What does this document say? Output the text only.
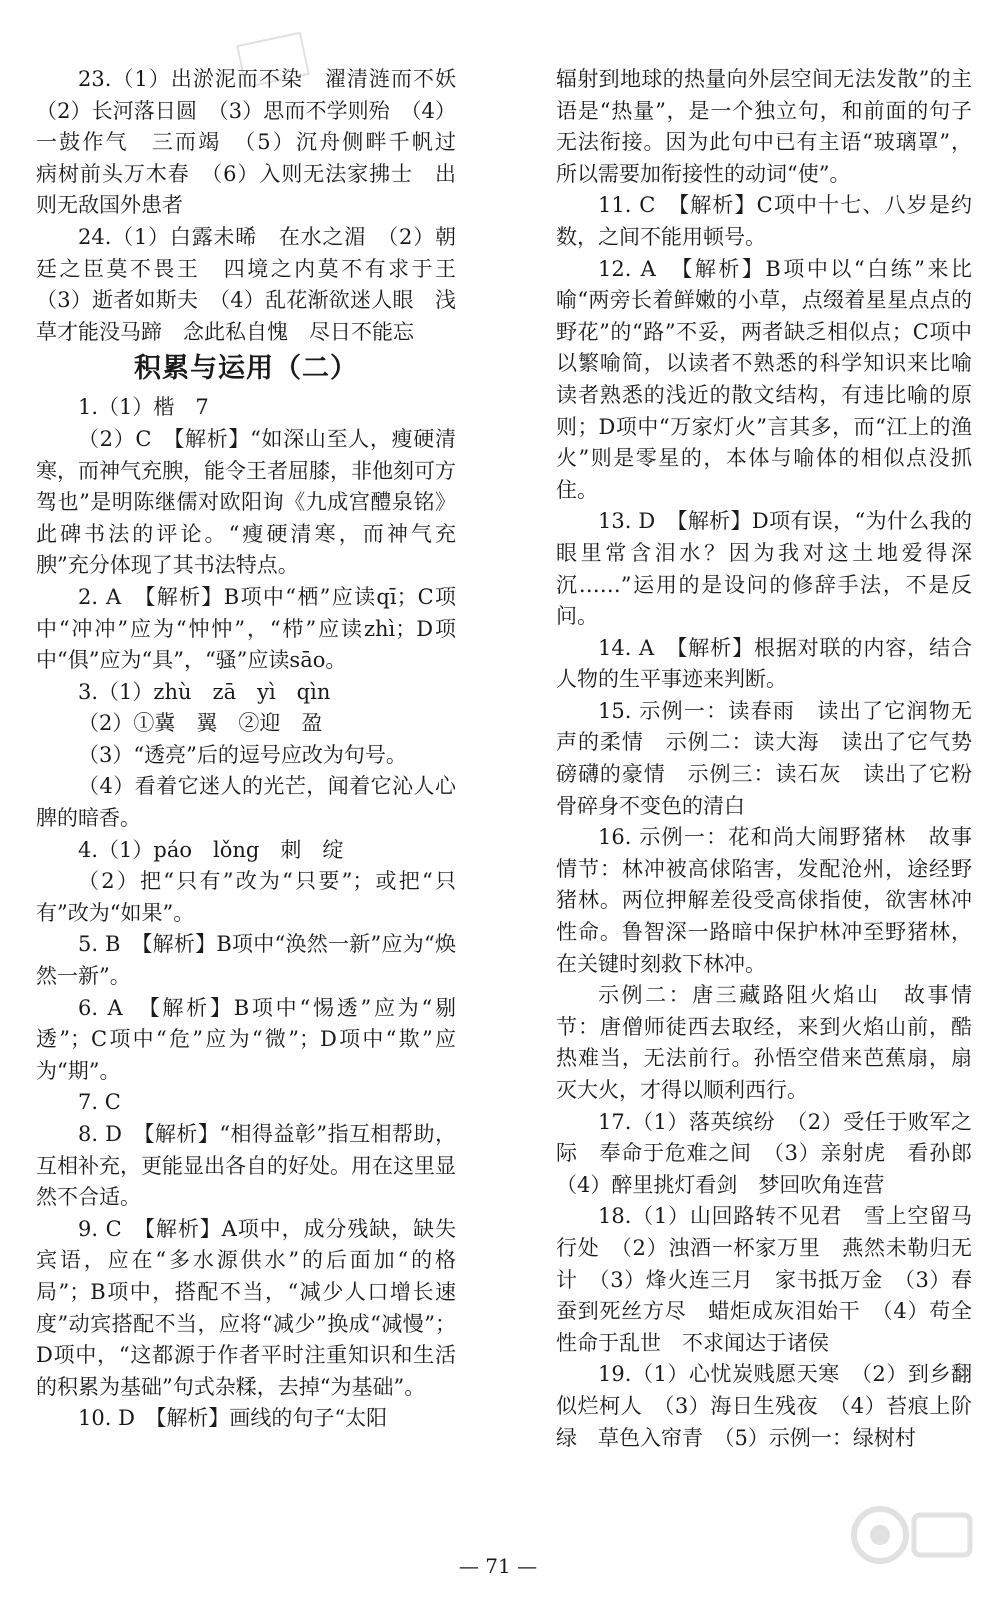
23.（1）出淤泥而不染　濯清涟而不妖　（2）长河落日圆　（3）思而不学则殆　（4）一鼓作气　三而竭　（5）沉舟侧畔千帆过　病树前头万木春　（6）入则无法家拂士　出则无敌国外患者

24.（1）白露未晞　在水之湄　（2）朝廷之臣莫不畏王　四境之内莫不有求于王　（3）逝者如斯夫　（4）乱花渐欲迷人眼　浅草才能没马蹄　念此私自愧　尽日不能忘

积累与运用（二）

1.（1）楷　7

（2）C　【解析】“如深山至人，瘦硬清寒，而神气充腴，能令王者屈膝，非他刻可方驾也”是明陈继儒对欧阳询《九成宫醴泉铭》此碑书法的评论。“瘦硬清寒，而神气充腴”充分体现了其书法特点。

2. A　【解析】B项中“栖”应读qī；C项中“冲冲”应为“忡忡”，“栉”应读zhì；D项中“俱”应为“具”，“骚”应读sāo。

3.（1）zhù　zā　yì　qìn

（2）①冀　翼　②迎　盈

（3）“透亮”后的逗号应改为句号。

（4）看着它迷人的光芒，闻着它沁人心脾的暗香。

4.（1）páo　lǒng　刺　绽

（2）把“只有”改为“只要”；或把“只有”改为“如果”。

5. B　【解析】B项中“涣然一新”应为“焕然一新”。

6. A　【解析】B项中“惕透”应为“剔透”；C项中“危”应为“微”；D项中“欺”应为“期”。

7. C

8. D　【解析】“相得益彰”指互相帮助，互相补充，更能显出各自的好处。用在这里显然不合适。

9. C　【解析】A项中，成分残缺，缺失宾语，应在“多水源供水”的后面加“的格局”；B项中，搭配不当，“减少人口增长速度”动宾搭配不当，应将“减少”换成“减慢”；D项中，“这都源于作者平时注重知识和生活的积累为基础”句式杂糅，去掉“为基础”。

10. D　【解析】画线的句子“太阳

辐射到地球的热量向外层空间无法发散”的主语是“热量”，是一个独立句，和前面的句子无法衔接。因为此句中已有主语“玻璃罩”，所以需要加衔接性的动词“使”。

11. C　【解析】C项中十七、八岁是约数，之间不能用顿号。

12. A　【解析】B项中以“白练”来比喻“两旁长着鲜嫩的小草，点缀着星星点点的野花”的“路”不妥，两者缺乏相似点；C项中以繁喻简，以读者不熟悉的科学知识来比喻读者熟悉的浅近的散文结构，有违比喻的原则；D项中“万家灯火”言其多，而“江上的渔火”则是零星的，本体与喻体的相似点没抓住。

13. D　【解析】D项有误，“为什么我的眼里常含泪水？因为我对这土地爱得深沉……”运用的是设问的修辞手法，不是反问。

14. A　【解析】根据对联的内容，结合人物的生平事迹来判断。

15. 示例一：读春雨　读出了它润物无声的柔情　示例二：读大海　读出了它气势磅礴的豪情　示例三：读石灰　读出了它粉骨碎身不变色的清白

16. 示例一：花和尚大闹野猪林　故事情节：林冲被高俅陷害，发配沧州，途经野猪林。两位押解差役受高俅指使，欲害林冲性命。鲁智深一路暗中保护林冲至野猪林，在关键时刻救下林冲。

示例二：唐三藏路阻火焰山　故事情节：唐僧师徒西去取经，来到火焰山前，酷热难当，无法前行。孙悟空借来芭蕉扇，扇灭大火，才得以顺利西行。

17.（1）落英缤纷　（2）受任于败军之际　奉命于危难之间　（3）亲射虎　看孙郎　（4）醉里挑灯看剑　梦回吹角连营

18.（1）山回路转不见君　雪上空留马行处　（2）浊酒一杯家万里　燕然未勒归无计　（3）烽火连三月　家书抵万金　（3）春蚕到死丝方尽　蜡炬成灰泪始干　（4）苟全性命于乱世　不求闻达于诸侯

19.（1）心忧炭贱愿天寒　（2）到乡翻似烂柯人　（3）海日生残夜　（4）苔痕上阶绿　草色入帘青　（5）示例一：绿树村

— 71 —
